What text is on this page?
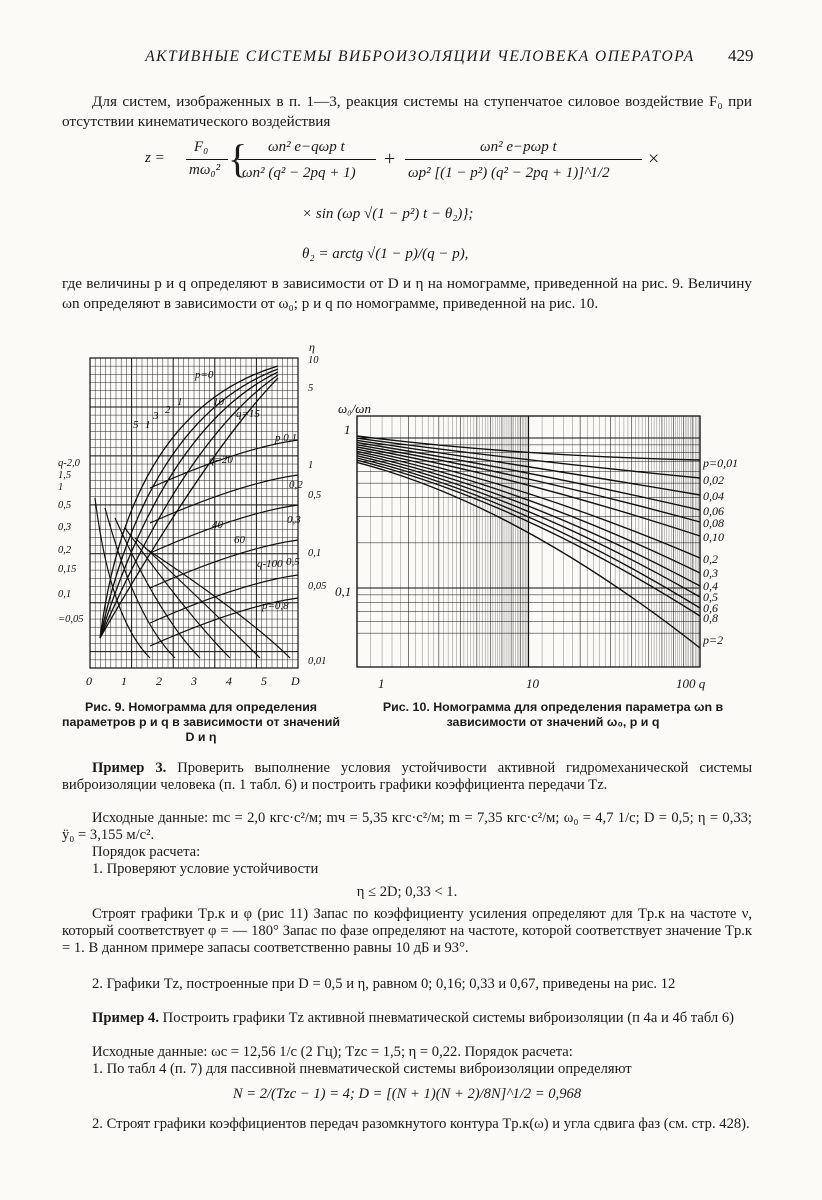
АКТИВНЫЕ СИСТЕМЫ ВИБРОИЗОЛЯЦИИ ЧЕЛОВЕКА ОПЕРАТОРА	429
Для систем, изображенных в п. 1—3, реакция системы на ступенчатое силовое воздействие F₀ при отсутствии кинематического воздействия
z =
F₀
mω₀² { ωn² e−qωp t
ωn² (q² − 2pq + 1)
+
ωn² e−pωp t
ωp² [(1 − p²) (q² − 2pq + 1)]^1/2
×
× sin (ωp √(1 − p²) t − θ₂)};
θ₂ = arctg √(1 − p)/(q − p),
где величины p и q определяют в зависимости от D и η на номограмме, приведенной на рис. 9. Величину ωn определяют в зависимости от ω₀; p и q по номограмме, приведенной на рис. 10.
p=0
1
10
q=15
5
3 2
1
q=20
40
60
q-100
p 0,1
0,2
0,3
0,5
p=0,8
q-2,0
1,5
1
0,5
0,3
0,2
0,15
0,1
=0,05
10
5
1
0,5
0,1
0,05
0,01
η
0 1 2 3 4 5 D
p=0,01
0,02
0,04
0,06
0,08
0,10
0,2
0,3
0,4
0,5
0,6
0,8
p=2
ω₀/ωn
1
0,1
1	10	100 q
Рис. 9. Номограмма для определения параметров p и q в зависимости от значений D и η
Рис. 10. Номограмма для определения параметра ωn в зависимости от значений ω₀, p и q
Пример 3. Проверить выполнение условия устойчивости активной гидромеханической системы виброизоляции человека (п. 1 табл. 6) и построить графики коэффициента передачи Tz.
Исходные данные: mc = 2,0 кгс·с²/м; mч = 5,35 кгс·с²/м; m = 7,35 кгс·с²/м; ω₀ = 4,7 1/с; D = 0,5; η = 0,33; ÿ₀ = 3,155 м/с².
Порядок расчета:
1. Проверяют условие устойчивости
η ≤ 2D; 0,33 < 1.
Строят графики Tр.к и φ (рис 11) Запас по коэффициенту усиления определяют для Tр.к на частоте ν, который соответствует φ = — 180° Запас по фазе определяют на частоте, которой соответствует значение Tр.к = 1. В данном примере запасы соответственно равны 10 дБ и 93°.
2. Графики Tz, построенные при D = 0,5 и η, равном 0; 0,16; 0,33 и 0,67, приведены на рис. 12
Пример 4. Построить графики Tz активной пневматической системы виброизоляции (п 4а и 4б табл 6)
Исходные данные: ωc = 12,56 1/с (2 Гц); Tzc = 1,5; η = 0,22. Порядок расчета:
1. По табл 4 (п. 7) для пассивной пневматической системы виброизоляции определяют
N = 2/(Tzc − 1) = 4; D = [(N + 1)(N + 2)/8N]^1/2 = 0,968
2. Строят графики коэффициентов передач разомкнутого контура Tр.к(ω) и угла сдвига фаз (см. стр. 428).
